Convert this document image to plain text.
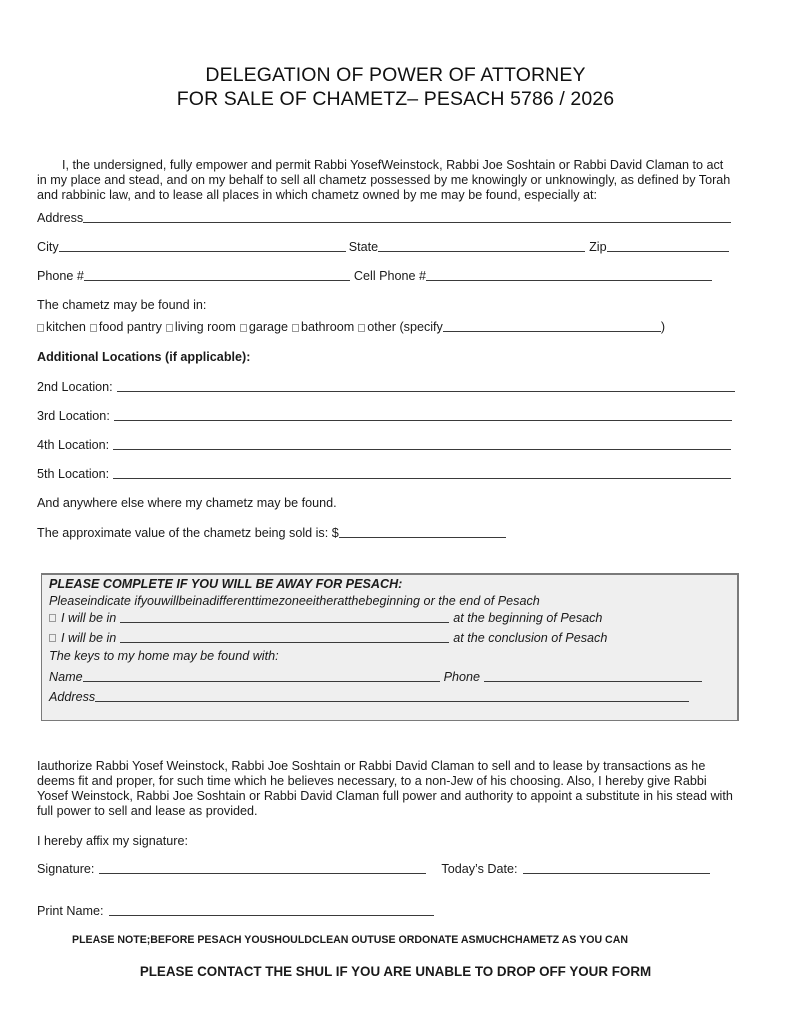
DELEGATION OF POWER OF ATTORNEY
FOR SALE OF CHAMETZ– PESACH 5786 / 2026
I, the undersigned, fully empower and permit Rabbi YosefWeinstock, Rabbi Joe Soshtain or Rabbi David Claman to act
in my place and stead, and on my behalf to sell all chametz possessed by me knowingly or unknowingly, as defined by Torah
and rabbinic law, and to lease all places in which chametz owned by me may be found, especially at:
Address
City	State	Zip
Phone #	Cell Phone #
The chametz may be found in:
kitchen	food pantry	living room	garage	bathroom	other (specify	)
Additional Locations (if applicable):
2nd Location:
3rd Location:
4th Location:
5th Location:
And anywhere else where my chametz may be found.
The approximate value of the chametz being sold is: $
PLEASE COMPLETE IF YOU WILL BE AWAY FOR PESACH:
Pleaseindicate ifyouwillbeinadifferenttimezoneeitheratthebeginning or the end of Pesach
I will be in	at the beginning of Pesach
I will be in	at the conclusion of Pesach
The keys to my home may be found with:
Name	Phone
Address
Iauthorize Rabbi Yosef Weinstock, Rabbi Joe Soshtain or Rabbi David Claman to sell and to lease by transactions as he
deems fit and proper, for such time which he believes necessary, to a non-Jew of his choosing. Also, I hereby give Rabbi
Yosef Weinstock, Rabbi Joe Soshtain or Rabbi David Claman full power and authority to appoint a substitute in his stead with
full power to sell and lease as provided.
I hereby affix my signature:
Signature:	Today’s Date:
Print Name:
PLEASE NOTE;BEFORE PESACH YOUSHOULDCLEAN OUTUSE ORDONATE ASMUCHCHAMETZ AS YOU CAN
PLEASE CONTACT THE SHUL IF YOU ARE UNABLE TO DROP OFF YOUR FORM
